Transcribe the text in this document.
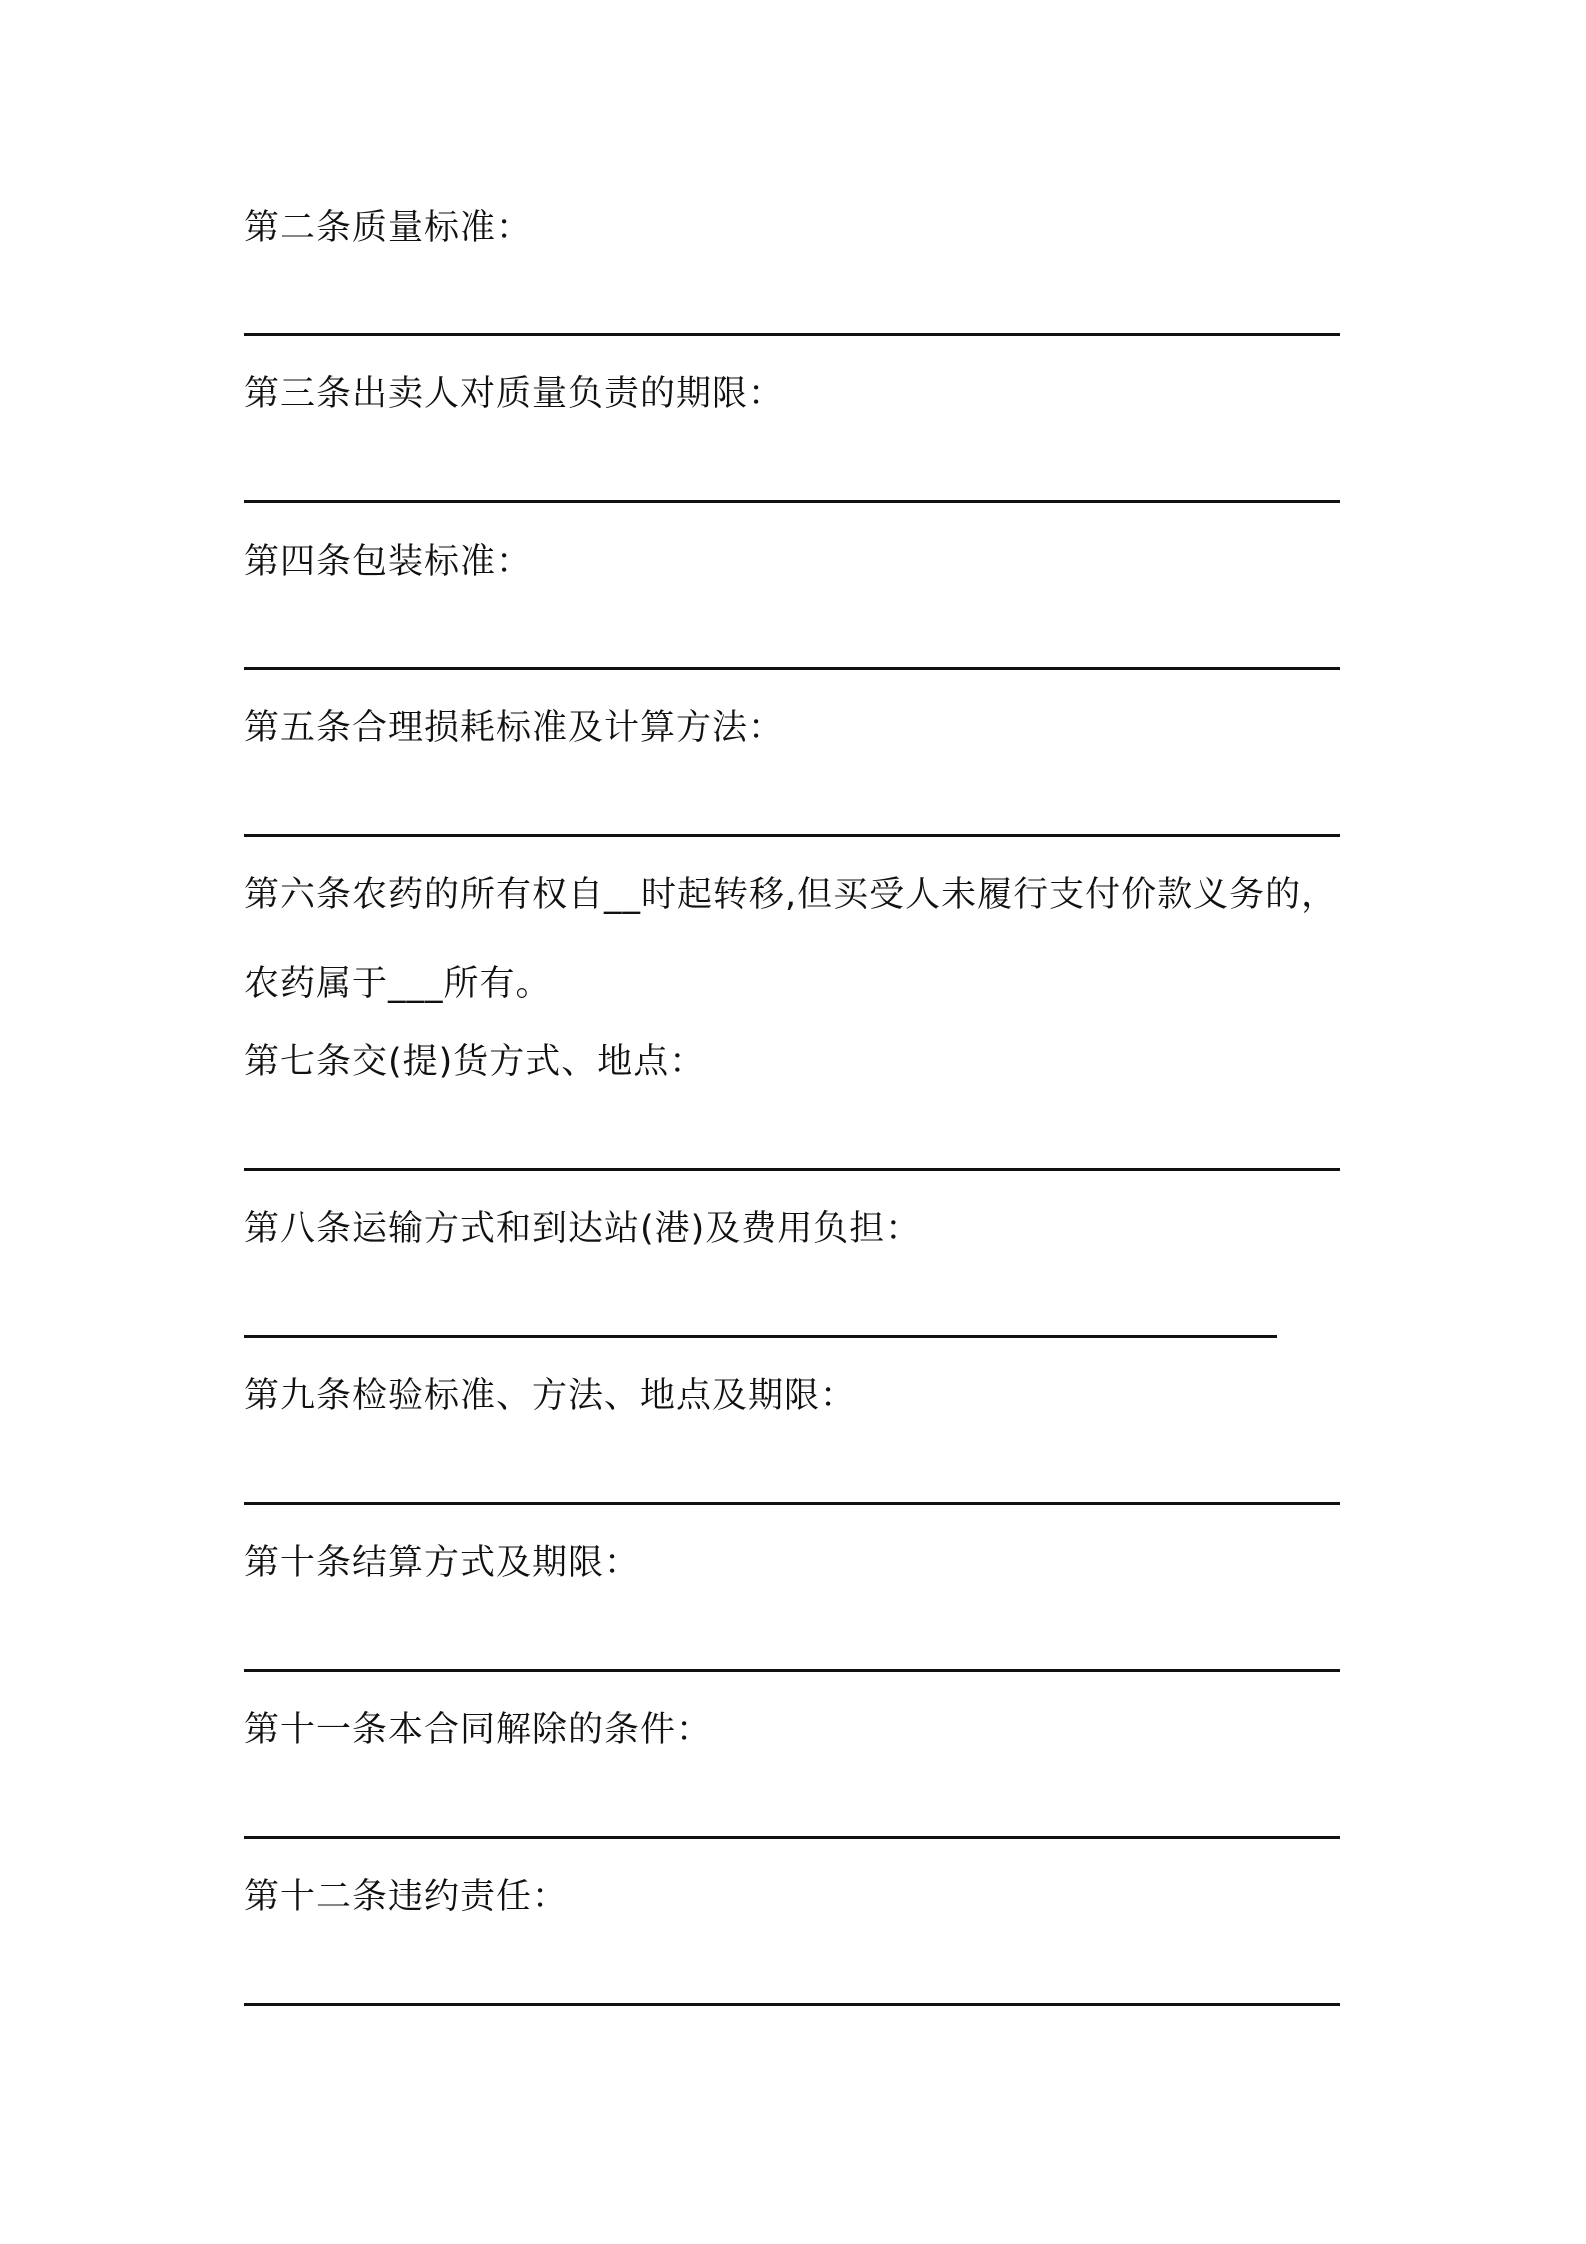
第二条质量标准：
第三条出卖人对质量负责的期限：
第四条包装标准：
第五条合理损耗标准及计算方法：
第六条农药的所有权自__时起转移,但买受人未履行支付价款义务的，
农药属于___所有。
第七条交(提)货方式、地点：
第八条运输方式和到达站(港)及费用负担：
第九条检验标准、方法、地点及期限：
第十条结算方式及期限：
第十一条本合同解除的条件：
第十二条违约责任：
